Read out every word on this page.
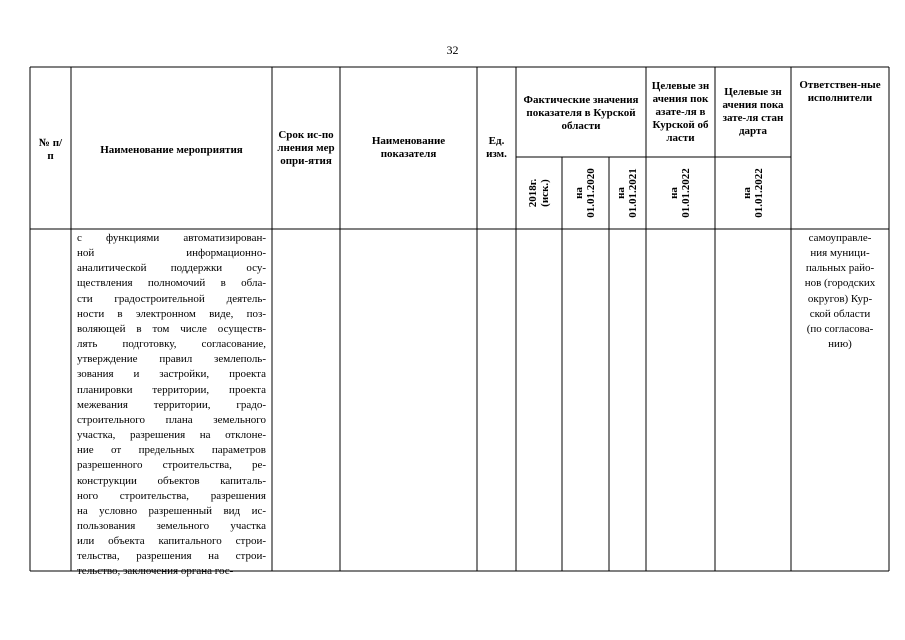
32
№ п/п
Наименование мероприятия
Срок ис-полнения меропри-ятия
Наименование показателя
Ед. изм.
Фактические значения показателя в Курской области
Целевые значения показате-ля в Курской области
Целевые значения показате-ля стандарта
Ответствен-ные исполнители
2018г. (иск.) на 01.01.2020 на 01.01.2021	на 01.01.2022	на 01.01.2022
с функциями автоматизирован-
ной информационно-
аналитической поддержки осу-
ществления полномочий в обла-
сти градостроительной деятель-
ности в электронном виде, поз-
воляющей в том числе осуществ-
лять подготовку, согласование,
утверждение правил землеполь-
зования и застройки, проекта
планировки территории, проекта
межевания территории, градо-
строительного плана земельного
участка, разрешения на отклоне-
ние от предельных параметров
разрешенного строительства, ре-
конструкции объектов капиталь-
ного строительства, разрешения
на условно разрешенный вид ис-
пользования земельного участка
или объекта капитального строи-
тельства, разрешения на строи-
тельство, заключения органа гос-
самоуправле-
ния муници-
пальных райо-
нов (городских
округов) Кур-
ской области
(по согласова-
нию)
